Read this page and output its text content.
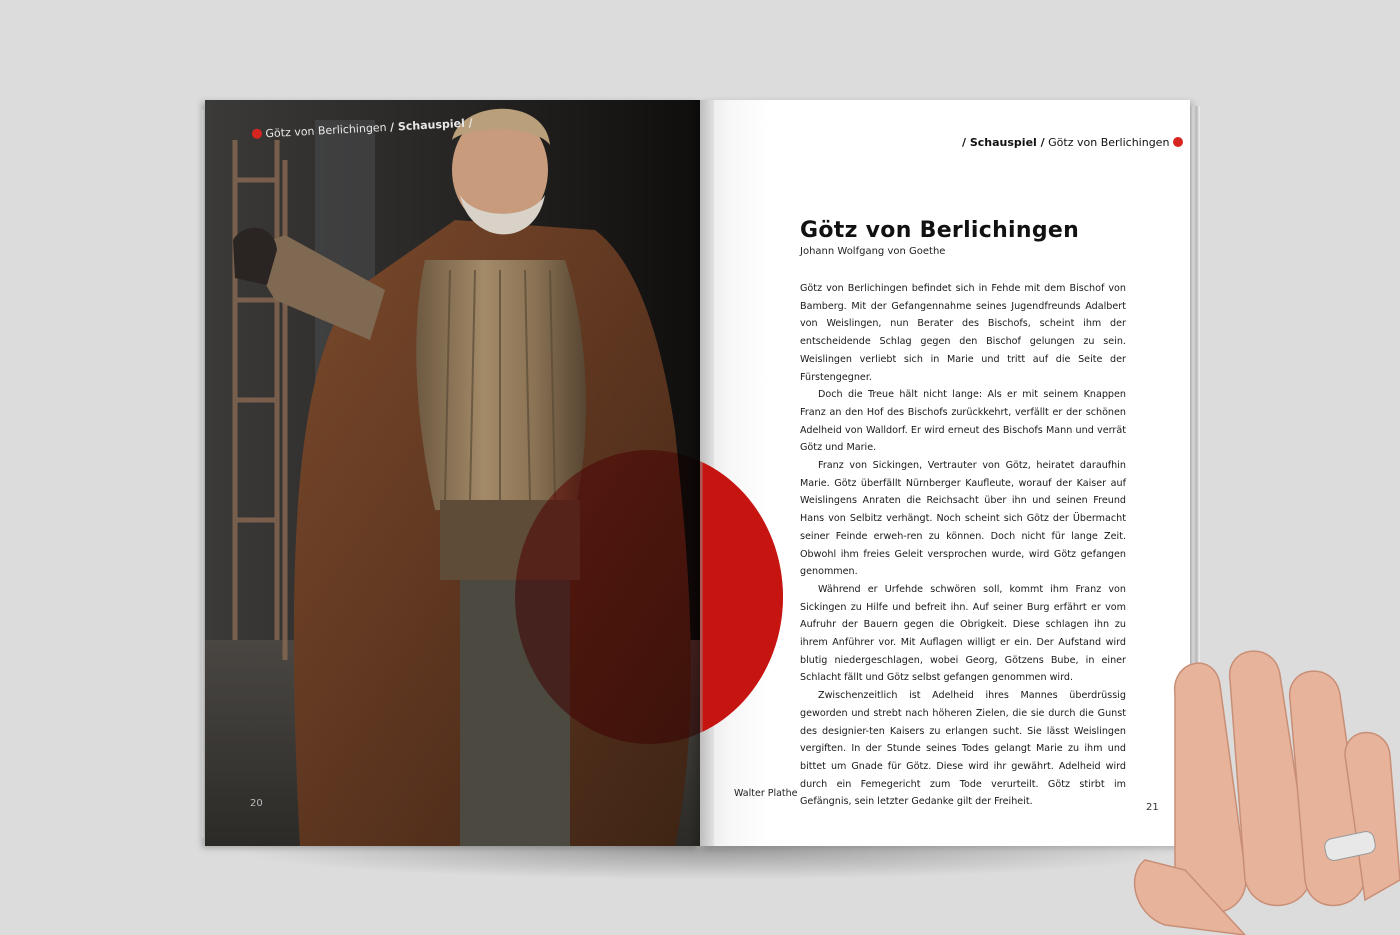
Götz von Berlichingen / Schauspiel /
/ Schauspiel / Götz von Berlichingen
Götz von Berlichingen
Johann Wolfgang von Goethe

Götz von Berlichingen befindet sich in Fehde mit dem Bischof von Bamberg. Mit der Gefangennahme seines Jugendfreunds Adalbert von Weislingen, nun Berater des Bischofs, scheint ihm der entscheidende Schlag gegen den Bischof gelungen zu sein. Weislingen verliebt sich in Marie und tritt auf die Seite der Fürstengegner.

Doch die Treue hält nicht lange: Als er mit seinem Knappen Franz an den Hof des Bischofs zurückkehrt, verfällt er der schönen Adelheid von Walldorf. Er wird erneut des Bischofs Mann und verrät Götz und Marie.

Franz von Sickingen, Vertrauter von Götz, heiratet daraufhin Marie. Götz überfällt Nürnberger Kaufleute, worauf der Kaiser auf Weislingens Anraten die Reichsacht über ihn und seinen Freund Hans von Selbitz verhängt. Noch scheint sich Götz der Übermacht seiner Feinde erweh-ren zu können. Doch nicht für lange Zeit. Obwohl ihm freies Geleit versprochen wurde, wird Götz gefangen genommen.

Während er Urfehde schwören soll, kommt ihm Franz von Sickingen zu Hilfe und befreit ihn. Auf seiner Burg erfährt er vom Aufruhr der Bauern gegen die Obrigkeit. Diese schlagen ihn zu ihrem Anführer vor. Mit Auflagen willigt er ein. Der Aufstand wird blutig niedergeschlagen, wobei Georg, Götzens Bube, in einer Schlacht fällt und Götz selbst gefangen genommen wird.

Zwischenzeitlich ist Adelheid ihres Mannes überdrüssig geworden und strebt nach höheren Zielen, die sie durch die Gunst des designier-ten Kaisers zu erlangen sucht. Sie lässt Weislingen vergiften. In der Stunde seines Todes gelangt Marie zu ihm und bittet um Gnade für Götz. Diese wird ihr gewährt. Adelheid wird durch ein Femegericht zum Tode verurteilt. Götz stirbt im Gefängnis, sein letzter Gedanke gilt der Freiheit.

Walter Plathe
20	21
